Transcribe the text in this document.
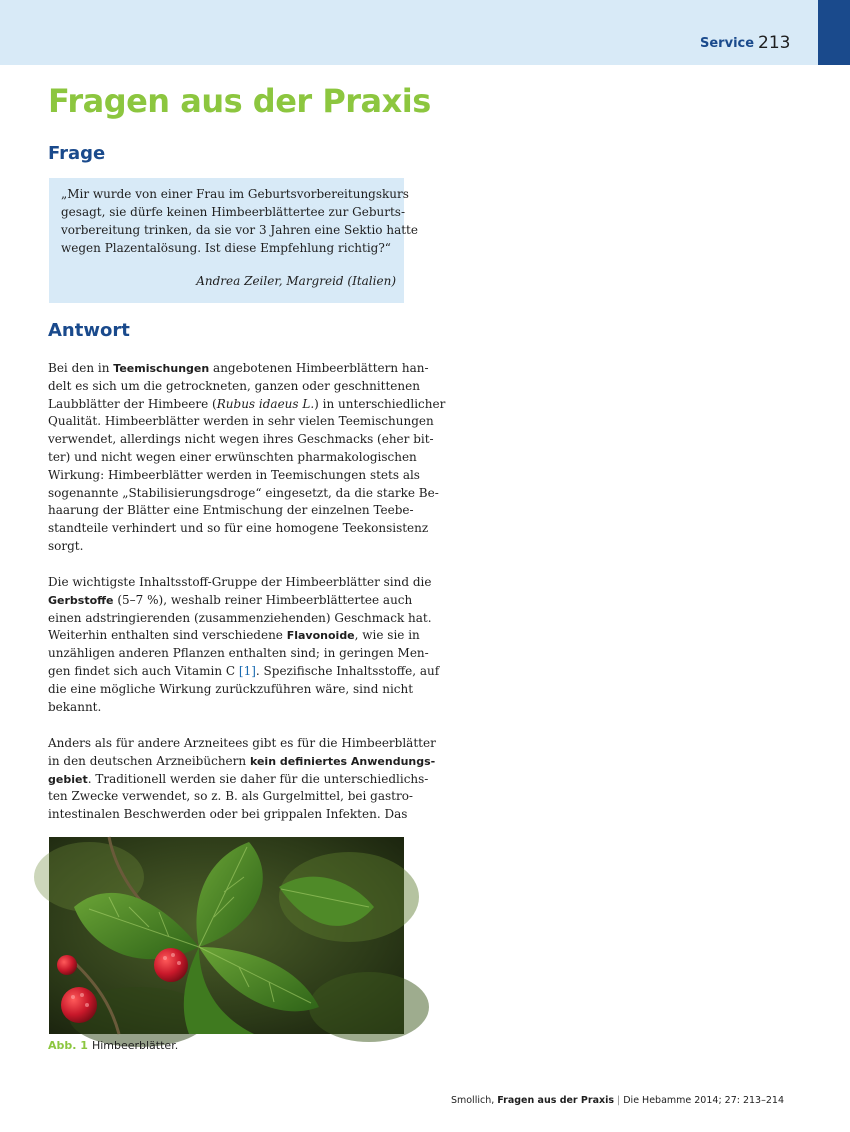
Service 213
Fragen aus der Praxis
Frage
„Mir wurde von einer Frau im Geburtsvorbereitungskurs
gesagt, sie dürfe keinen Himbeerblättertee zur Geburts-
vorbereitung trinken, da sie vor 3 Jahren eine Sektio hatte
wegen Plazentalösung. Ist diese Empfehlung richtig?“
Andrea Zeiler, Margreid (Italien)
Antwort
Bei den in Teemischungen angebotenen Himbeerblättern han-
delt es sich um die getrockneten, ganzen oder geschnittenen
Laubblätter der Himbeere (Rubus idaeus L.) in unterschiedlicher
Qualität. Himbeerblätter werden in sehr vielen Teemischungen
verwendet, allerdings nicht wegen ihres Geschmacks (eher bit-
ter) und nicht wegen einer erwünschten pharmakologischen
Wirkung: Himbeerblätter werden in Teemischungen stets als
sogenannte „Stabilisierungsdroge“ eingesetzt, da die starke Be-
haarung der Blätter eine Entmischung der einzelnen Teebe-
standteile verhindert und so für eine homogene Teekonsistenz
sorgt.
Die wichtigste Inhaltsstoff-Gruppe der Himbeerblätter sind die
Gerbstoffe (5–7 %), weshalb reiner Himbeerblättertee auch
einen adstringierenden (zusammenziehenden) Geschmack hat.
Weiterhin enthalten sind verschiedene Flavonoide, wie sie in
unzähligen anderen Pflanzen enthalten sind; in geringen Men-
gen findet sich auch Vitamin C [1]. Spezifische Inhaltsstoffe, auf
die eine mögliche Wirkung zurückzuführen wäre, sind nicht
bekannt.
Anders als für andere Arzneitees gibt es für die Himbeerblätter
in den deutschen Arzneibüchern kein definiertes Anwendungs-
gebiet. Traditionell werden sie daher für die unterschiedlichs-
ten Zwecke verwendet, so z. B. als Gurgelmittel, bei gastro-
intestinalen Beschwerden oder bei grippalen Infekten. Das
Abb. 1 Himbeerblätter.
Smollich, Fragen aus der Praxis | Die Hebamme 2014; 27: 213–214
